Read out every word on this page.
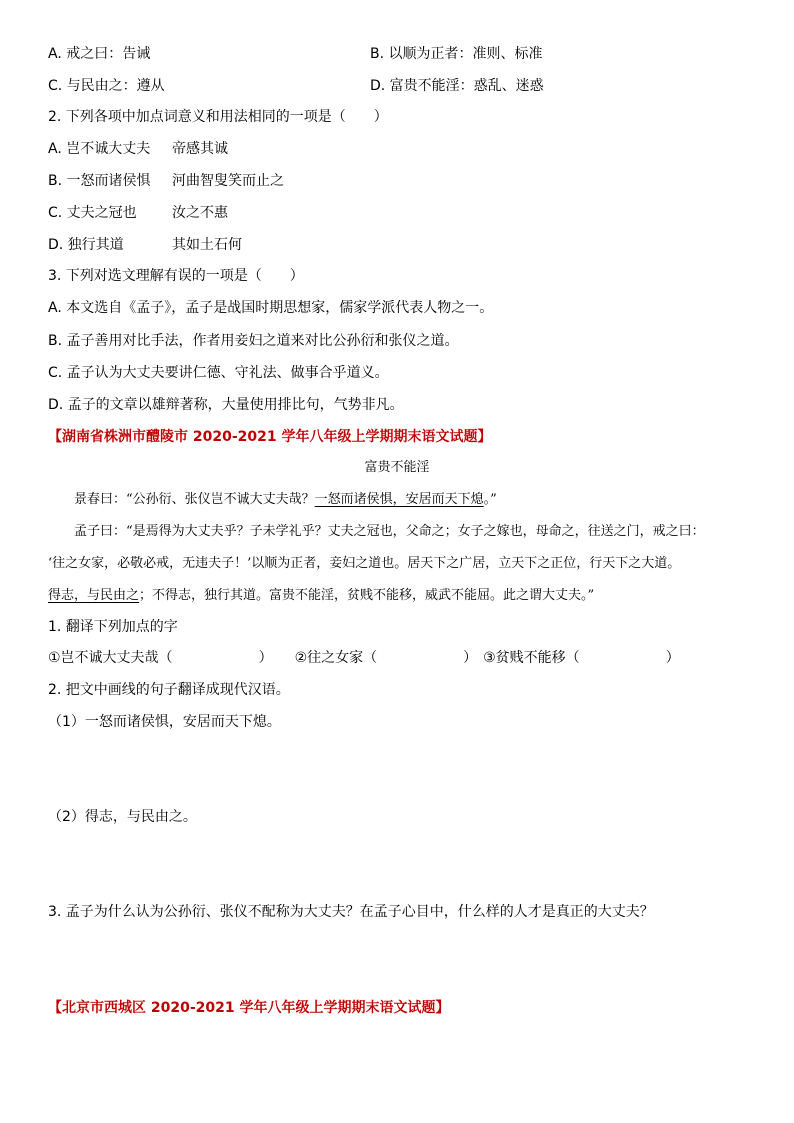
A. 戒之曰：告诫	B. 以顺为正者：准则、标准
C. 与民由之：遵从	D. 富贵不能淫：惑乱、迷惑
2. 下列各项中加点词意义和用法相同的一项是（　　）
A. 岂不诚大丈夫 帝感其诚
B. 一怒而诸侯惧 河曲智叟笑而止之
C. 丈夫之冠也	汝之不惠
D. 独行其道	其如土石何
3. 下列对选文理解有误的一项是（　　）
A. 本文选自《孟子》，孟子是战国时期思想家，儒家学派代表人物之一。
B. 孟子善用对比手法，作者用妾妇之道来对比公孙衍和张仪之道。
C. 孟子认为大丈夫要讲仁德、守礼法、做事合乎道义。
D. 孟子的文章以雄辩著称，大量使用排比句，气势非凡。
【湖南省株洲市醴陵市 2020-2021 学年八年级上学期期末语文试题】
富贵不能淫
景春曰：“公孙衍、张仪岂不诚大丈夫哉？一怒而诸侯惧，安居而天下熄。”
孟子曰：“是焉得为大丈夫乎？子未学礼乎？丈夫之冠也，父命之；女子之嫁也，母命之，往送之门，戒之曰：
‘往之女家，必敬必戒，无违夫子！’以顺为正者，妾妇之道也。居天下之广居，立天下之正位，行天下之大道。
得志，与民由之；不得志，独行其道。富贵不能淫，贫贱不能移，威武不能屈。此之谓大丈夫。”
1. 翻译下列加点的字
①岂不诚大丈夫哉（	） ②往之女家（	） ③贫贱不能移（	）
2. 把文中画线的句子翻译成现代汉语。
（1）一怒而诸侯惧，安居而天下熄。
（2）得志，与民由之。
3. 孟子为什么认为公孙衍、张仪不配称为大丈夫？在孟子心目中，什么样的人才是真正的大丈夫？
【北京市西城区 2020-2021 学年八年级上学期期末语文试题】
